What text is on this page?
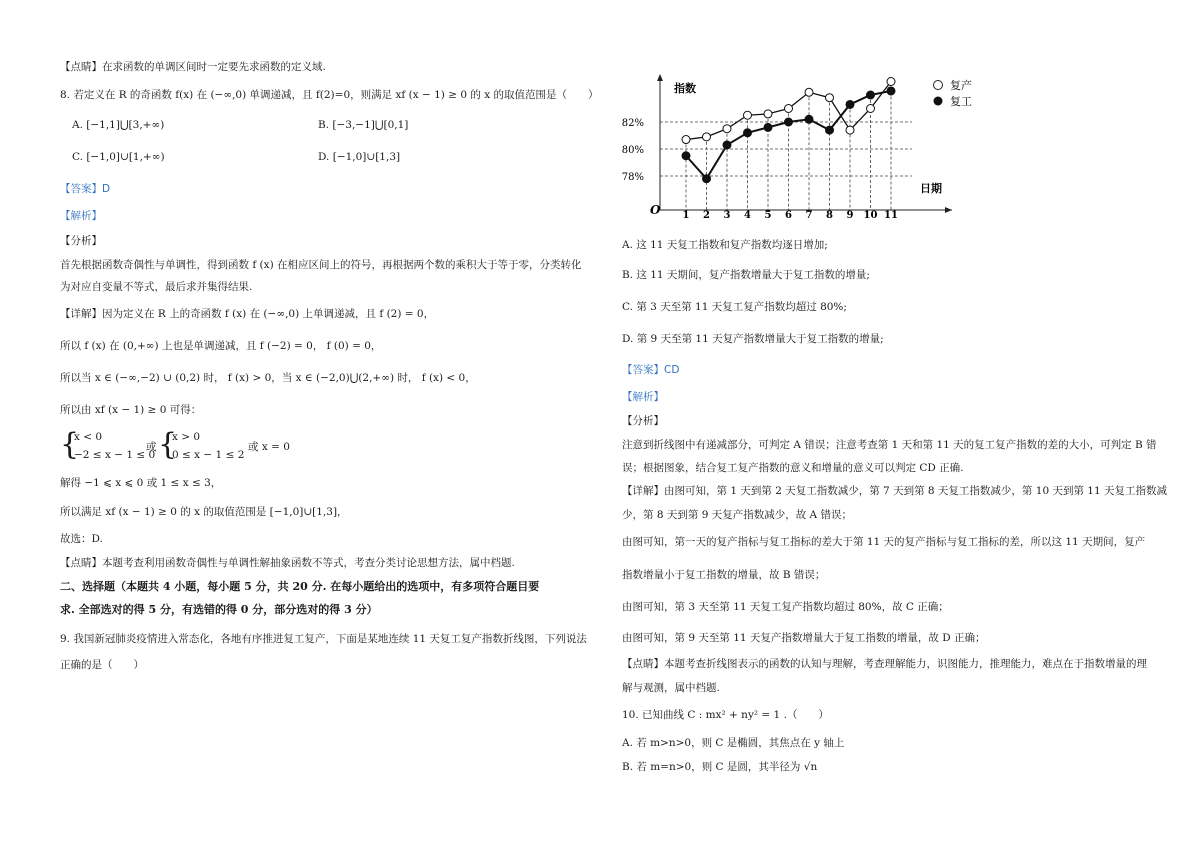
【点睛】在求函数的单调区间时一定要先求函数的定义域.
8. 若定义在 R 的奇函数 f(x) 在 (−∞,0) 单调递减，且 f(2)=0，则满足 xf (x − 1) ≥ 0 的 x 的取值范围是（　　）
A. [−1,1]⋃[3,+∞)	B. [−3,−1]⋃[0,1]
C. [−1,0]∪[1,+∞)	D. [−1,0]∪[1,3]
【答案】D
【解析】
【分析】
首先根据函数奇偶性与单调性，得到函数 f (x) 在相应区间上的符号，再根据两个数的乘积大于等于零，分类转化
为对应自变量不等式，最后求并集得结果.
【详解】因为定义在 R 上的奇函数 f (x) 在 (−∞,0) 上单调递减，且 f (2) = 0，
所以 f (x) 在 (0,+∞) 上也是单调递减，且 f (−2) = 0， f (0) = 0，
所以当 x ∈ (−∞,−2) ∪ (0,2) 时， f (x) > 0，当 x ∈ (−2,0)⋃(2,+∞) 时， f (x) < 0，
所以由 xf (x − 1) ≥ 0 可得：
{
x < 0
−2 ≤ x − 1 ≤ 0
或 {
x > 0
0 ≤ x − 1 ≤ 2
或 x = 0
解得 −1 ⩽ x ⩽ 0 或 1 ≤ x ≤ 3，
所以满足 xf (x − 1) ≥ 0 的 x 的取值范围是 [−1,0]∪[1,3]，
故选：D.
【点睛】本题考查利用函数奇偶性与单调性解抽象函数不等式，考查分类讨论思想方法，属中档题.
二、选择题（本题共 4 小题，每小题 5 分，共 20 分. 在每小题给出的选项中，有多项符合题目要
求. 全部选对的得 5 分，有选错的得 0 分，部分选对的得 3 分）
9. 我国新冠肺炎疫情进入常态化，各地有序推进复工复产，下面是某地连续 11 天复工复产指数折线图，下列说法
正确的是（　　）
指数
日期
O
78%
80%
82%
1 2 3 4 5 6 7 8 9 10 11
复产
复工
A. 这 11 天复工指数和复产指数均逐日增加;
B. 这 11 天期间，复产指数增量大于复工指数的增量;
C. 第 3 天至第 11 天复工复产指数均超过 80%;
D. 第 9 天至第 11 天复产指数增量大于复工指数的增量;
【答案】CD
【解析】
【分析】
注意到折线图中有递减部分，可判定 A 错误；注意考查第 1 天和第 11 天的复工复产指数的差的大小，可判定 B 错
误；根据图象，结合复工复产指数的意义和增量的意义可以判定 CD 正确.
【详解】由图可知，第 1 天到第 2 天复工指数减少，第 7 天到第 8 天复工指数减少，第 10 天到第 11 天复工指数减
少，第 8 天到第 9 天复产指数减少，故 A 错误；
由图可知，第一天的复产指标与复工指标的差大于第 11 天的复产指标与复工指标的差，所以这 11 天期间，复产
指数增量小于复工指数的增量，故 B 错误；
由图可知，第 3 天至第 11 天复工复产指数均超过 80%，故 C 正确；
由图可知，第 9 天至第 11 天复产指数增量大于复工指数的增量，故 D 正确；
【点睛】本题考查折线图表示的函数的认知与理解，考查理解能力，识图能力，推理能力，难点在于指数增量的理
解与观测，属中档题.
10. 已知曲线 C : mx² + ny² = 1 .（　　）
A. 若 m>n>0，则 C 是椭圆，其焦点在 y 轴上
B. 若 m=n>0，则 C 是圆，其半径为 √n
